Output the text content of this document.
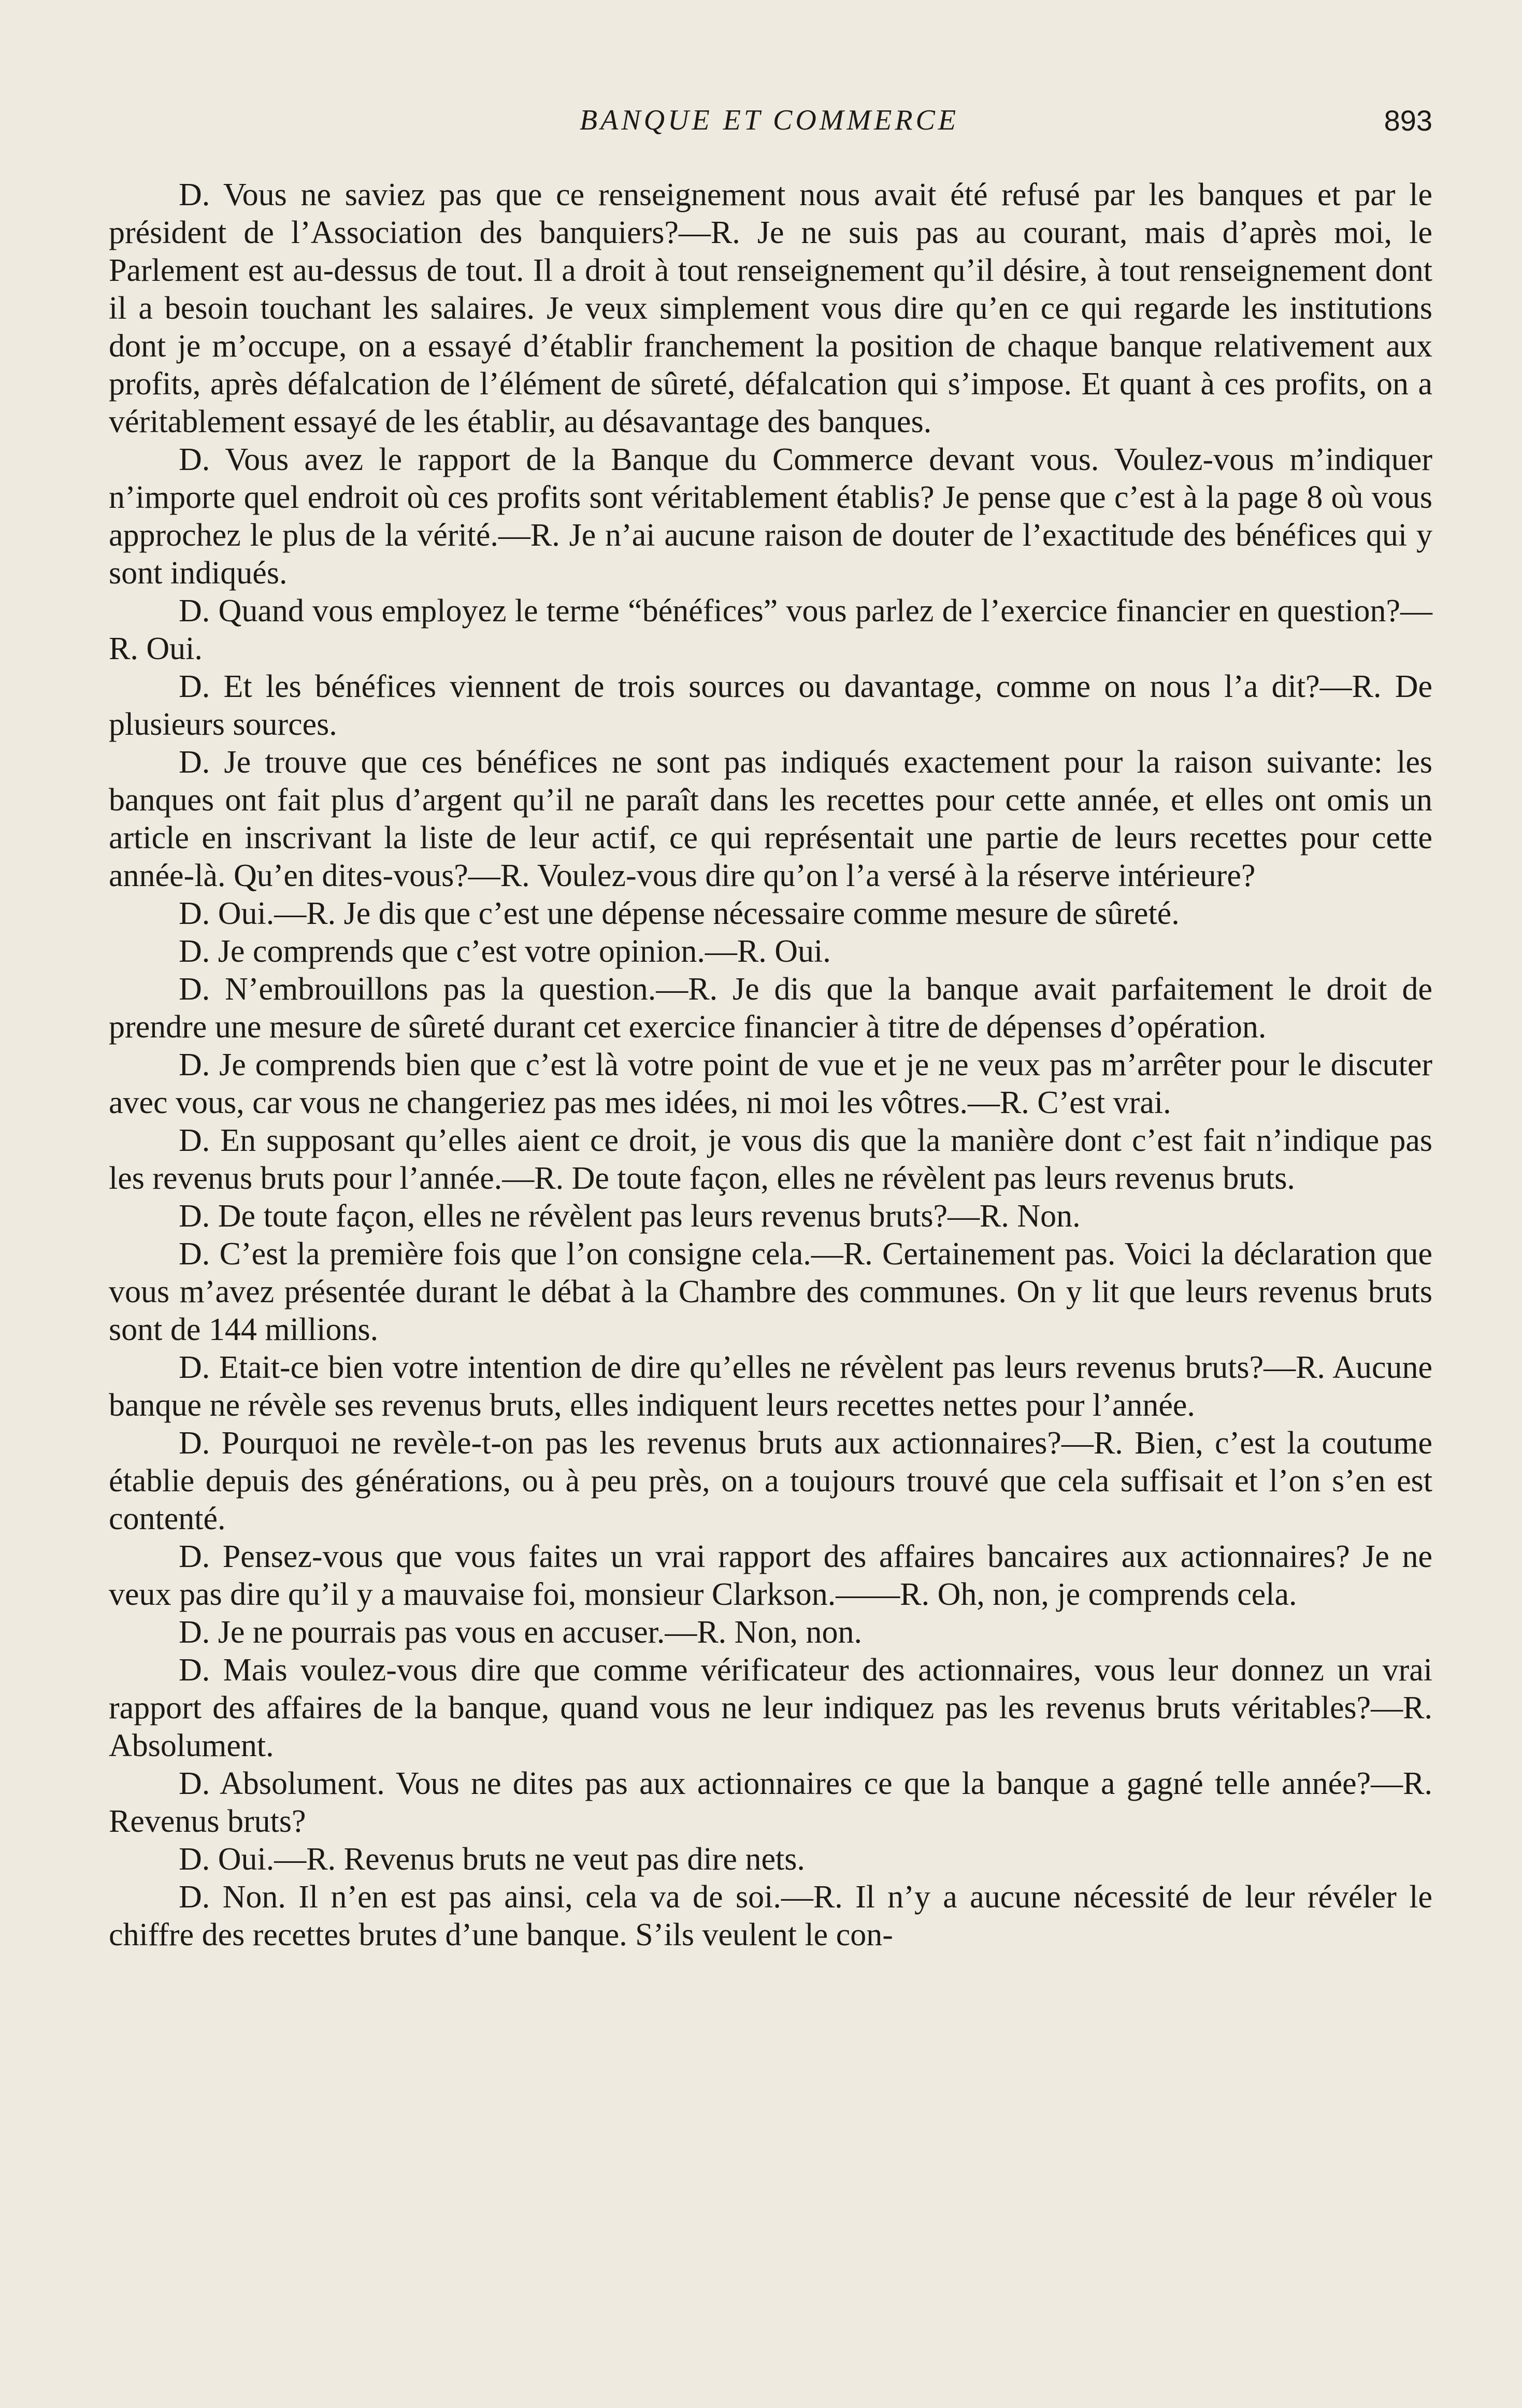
BANQUE ET COMMERCE	893

D. Vous ne saviez pas que ce renseignement nous avait été refusé par les banques et par le président de l’Association des banquiers?—R. Je ne suis pas au courant, mais d’après moi, le Parlement est au-dessus de tout. Il a droit à tout renseignement qu’il désire, à tout renseignement dont il a besoin touchant les salaires. Je veux simplement vous dire qu’en ce qui regarde les institutions dont je m’occupe, on a essayé d’établir franchement la position de chaque banque relativement aux profits, après défalcation de l’élément de sûreté, défalcation qui s’impose. Et quant à ces profits, on a véritablement essayé de les établir, au désavantage des banques.

D. Vous avez le rapport de la Banque du Commerce devant vous. Voulez-vous m’indiquer n’importe quel endroit où ces profits sont véritablement établis? Je pense que c’est à la page 8 où vous approchez le plus de la vérité.—R. Je n’ai aucune raison de douter de l’exactitude des bénéfices qui y sont indiqués.

D. Quand vous employez le terme “bénéfices” vous parlez de l’exercice financier en question?—R. Oui.

D. Et les bénéfices viennent de trois sources ou davantage, comme on nous l’a dit?—R. De plusieurs sources.

D. Je trouve que ces bénéfices ne sont pas indiqués exactement pour la raison suivante: les banques ont fait plus d’argent qu’il ne paraît dans les recettes pour cette année, et elles ont omis un article en inscrivant la liste de leur actif, ce qui représentait une partie de leurs recettes pour cette année-là. Qu’en dites-vous?—R. Voulez-vous dire qu’on l’a versé à la réserve intérieure?

D. Oui.—R. Je dis que c’est une dépense nécessaire comme mesure de sûreté.

D. Je comprends que c’est votre opinion.—R. Oui.

D. N’embrouillons pas la question.—R. Je dis que la banque avait parfaitement le droit de prendre une mesure de sûreté durant cet exercice financier à titre de dépenses d’opération.

D. Je comprends bien que c’est là votre point de vue et je ne veux pas m’arrêter pour le discuter avec vous, car vous ne changeriez pas mes idées, ni moi les vôtres.—R. C’est vrai.

D. En supposant qu’elles aient ce droit, je vous dis que la manière dont c’est fait n’indique pas les revenus bruts pour l’année.—R. De toute façon, elles ne révèlent pas leurs revenus bruts.

D. De toute façon, elles ne révèlent pas leurs revenus bruts?—R. Non.

D. C’est la première fois que l’on consigne cela.—R. Certainement pas. Voici la déclaration que vous m’avez présentée durant le débat à la Chambre des communes. On y lit que leurs revenus bruts sont de 144 millions.

D. Etait-ce bien votre intention de dire qu’elles ne révèlent pas leurs revenus bruts?—R. Aucune banque ne révèle ses revenus bruts, elles indiquent leurs recettes nettes pour l’année.

D. Pourquoi ne revèle-t-on pas les revenus bruts aux actionnaires?—R. Bien, c’est la coutume établie depuis des générations, ou à peu près, on a toujours trouvé que cela suffisait et l’on s’en est contenté.

D. Pensez-vous que vous faites un vrai rapport des affaires bancaires aux actionnaires? Je ne veux pas dire qu’il y a mauvaise foi, monsieur Clarkson.——R. Oh, non, je comprends cela.

D. Je ne pourrais pas vous en accuser.—R. Non, non.

D. Mais voulez-vous dire que comme vérificateur des actionnaires, vous leur donnez un vrai rapport des affaires de la banque, quand vous ne leur indiquez pas les revenus bruts véritables?—R. Absolument.

D. Absolument. Vous ne dites pas aux actionnaires ce que la banque a gagné telle année?—R. Revenus bruts?

D. Oui.—R. Revenus bruts ne veut pas dire nets.

D. Non. Il n’en est pas ainsi, cela va de soi.—R. Il n’y a aucune nécessité de leur révéler le chiffre des recettes brutes d’une banque. S’ils veulent le con-
